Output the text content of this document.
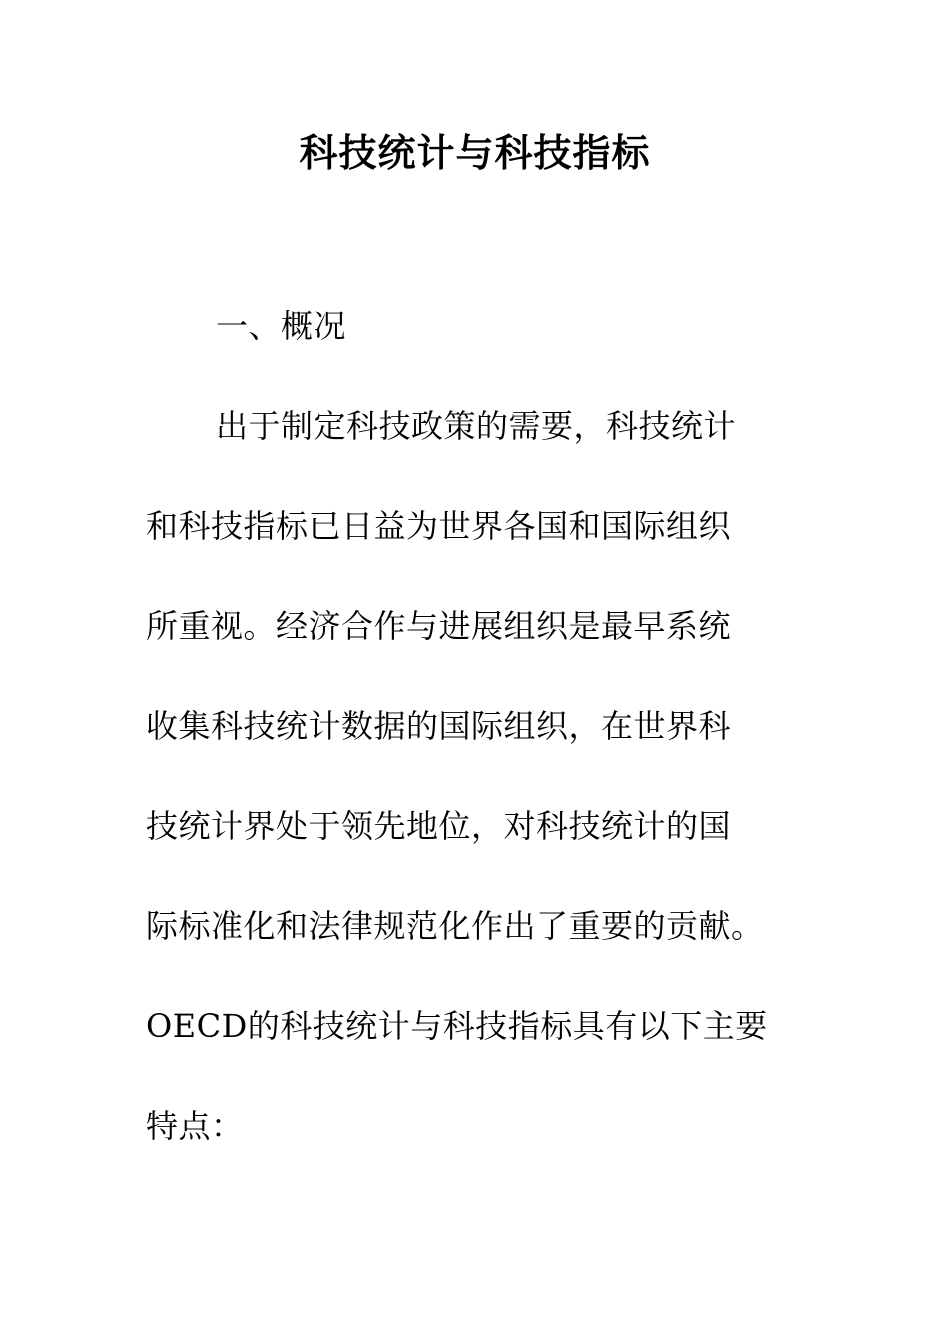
科技统计与科技指标
一、概况
出于制定科技政策的需要，科技统计
和科技指标已日益为世界各国和国际组织
所重视。经济合作与进展组织是最早系统
收集科技统计数据的国际组织，在世界科
技统计界处于领先地位，对科技统计的国
际标准化和法律规范化作出了重要的贡献。
OECD的科技统计与科技指标具有以下主要
特点：
